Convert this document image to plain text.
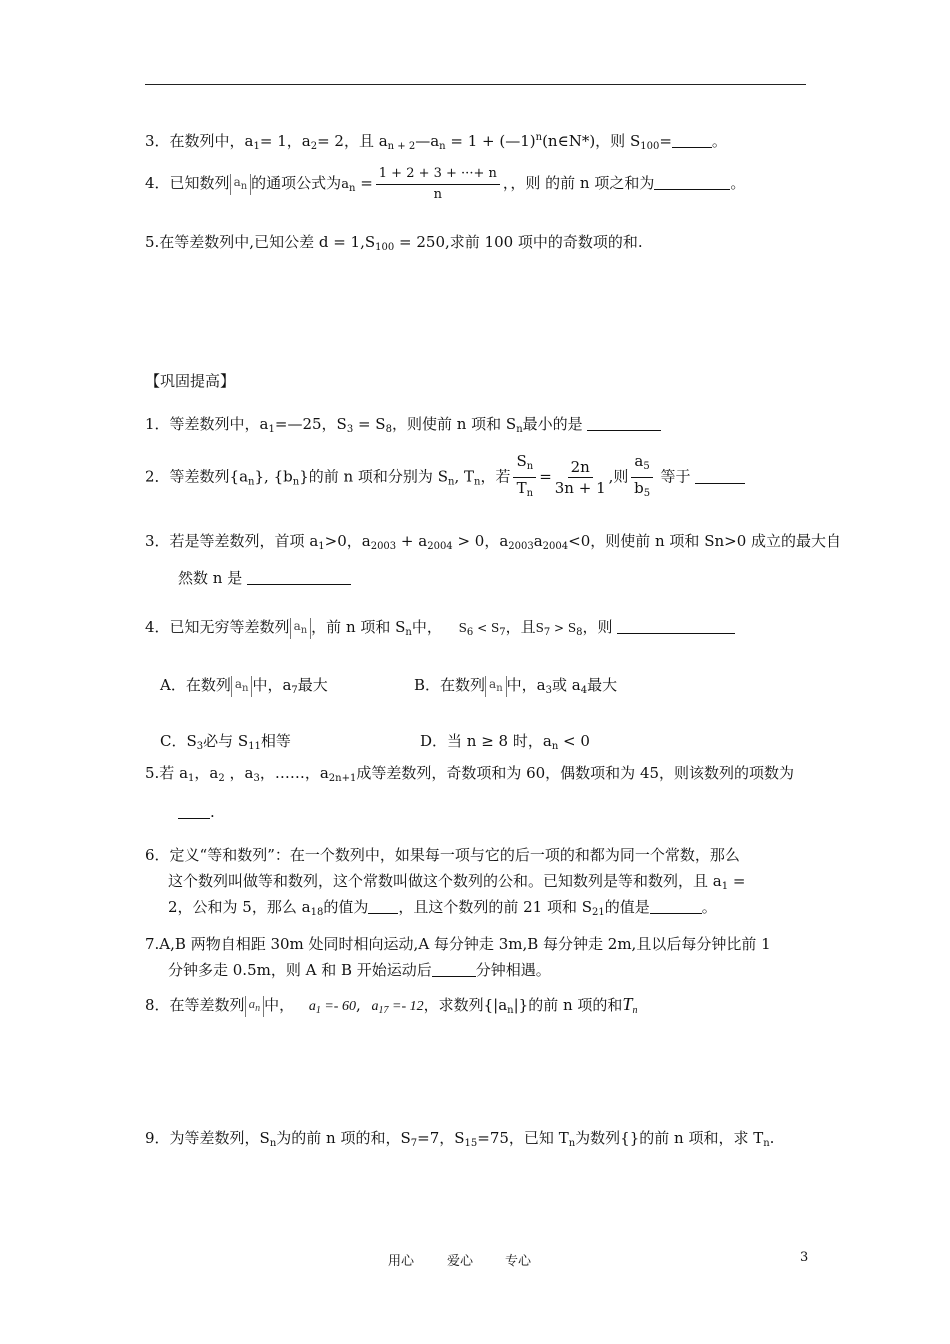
3．在数列中，$a_1= 1$，$a_2= 2$，且 $a_{n + 2}—a_n = 1$ + (—1)$^n$(n∈N*)，则 $S_{100}=$	。
4．已知数列 $a_n$ 的通项公式为$a_n = \frac{1 + 2 + 3 + \cdot\cdot\cdot+ n}{n}$ ，，则 的前 n 项之和为	。
5.在等差数列中,已知公差 $d = 1,S_{100} = 250$,求前 100 项中的奇数项的和.
【巩固提高】
1．等差数列中，$a_1=—25$，$S_3 = S_8$，则使前 n 项和 $S_n$最小的是
2．等差数列$\{a_n\}$, $\{b_n\}$的前 n 项和分别为 $S_n$, $T_n$，若 $\frac{S_n}{T_n} = \frac{2n}{3n + 1}$ ,则 $\frac{a_5}{b_5}$ 等于
3．若是等差数列，首项 $a_1>0$，$a_{2003} + a_{2004} > 0$，$a_{2003}a_{2004}<0$，则使前 n 项和 Sn>0 成立的最大自
然数 n 是
4．已知无穷等差数列 $a_n$ ，前 n 项和 $S_n$中， $S_6 < S_7$，且$S_7 > S_8$，则
A．在数列 $a_n$ 中，$a_7$最大	B．在数列 $a_n$ 中，$a_3$或 $a_4$最大
C．$S_3$必与 $S_{11}$相等	D．当 n ≥ 8 时，$a_n < 0$
5.若 $a_1$，$a_2$ ，$a_3$，……，$a_{2n+1}$成等差数列，奇数项和为 60，偶数项和为 45，则该数列的项数为
.
6．定义“等和数列”：在一个数列中，如果每一项与它的后一项的和都为同一个常数，那么
这个数列叫做等和数列，这个常数叫做这个数列的公和。已知数列是等和数列，且 $a_1$ =
2，公和为 5，那么 $a_{18}$的值为 ，且这个数列的前 21 项和 $S_{21}$的值是	。
7.A,B 两物自相距 30m 处同时相向运动,A 每分钟走 3m,B 每分钟走 2m,且以后每分钟比前 1
分钟多走 0.5m，则 A 和 B 开始运动后	分钟相遇。
8．在等差数列 $a_n$ 中， $a_1 =- 60$, $a_{17} =- 12$，求数列$\{|a_n|\}$的前 n 项的和$T_n$
9．为等差数列，$S_n$为的前 n 项的和，$S_7=7$，$S_{15}=75$，已知 $T_n$为数列{}的前 n 项和，求 $T_n$.
用心	爱心 专心	3
